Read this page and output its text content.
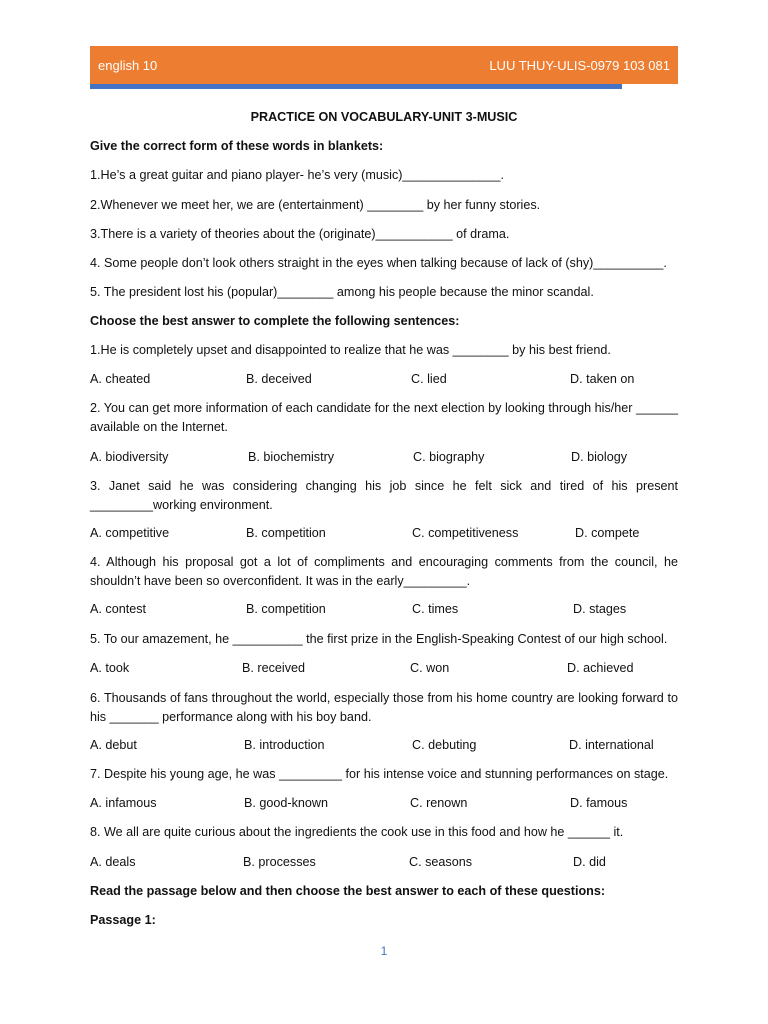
english 10	LUU THUY-ULIS-0979 103 081
PRACTICE ON VOCABULARY-UNIT 3-MUSIC
Give the correct form of these words in blankets:
1.He’s a great guitar and piano player- he’s very (music)______________.
2.Whenever we meet her, we are (entertainment) ________ by her funny stories.
3.There is a variety of theories about the (originate)___________ of drama.
4. Some people don’t look others straight in the eyes when talking because of lack of (shy)__________.
5. The president lost his (popular)________ among his people because the minor scandal.
Choose the best answer to complete the following sentences:
1.He is completely upset and disappointed to realize that he was ________ by his best friend.
A. cheated	B. deceived	C. lied	D. taken on
2. You can get more information of each candidate for the next election by looking through his/her ______ available on the Internet.
A. biodiversity	B. biochemistry	C. biography	D. biology
3. Janet said he was considering changing his job since he felt sick and tired of his present _________working environment.
A. competitive	B. competition	C. competitiveness	D. compete
4. Although his proposal got a lot of compliments and encouraging comments from the council, he shouldn’t have been so overconfident. It was in the early_________.
A. contest	B. competition	C. times	D. stages
5. To our amazement, he __________ the first prize in the English-Speaking Contest of our high school.
A. took	B. received	C. won	D. achieved
6. Thousands of fans throughout the world, especially those from his home country are looking forward to his _______ performance along with his boy band.
A. debut	B. introduction	C. debuting	D. international
7. Despite his young age, he was _________ for his intense voice and stunning performances on stage.
A. infamous	B. good-known	C. renown	D. famous
8. We all are quite curious about the ingredients the cook use in this food and how he ______ it.
A. deals	B. processes	C. seasons	D. did
Read the passage below and then choose the best answer to each of these questions:
Passage 1:
1
